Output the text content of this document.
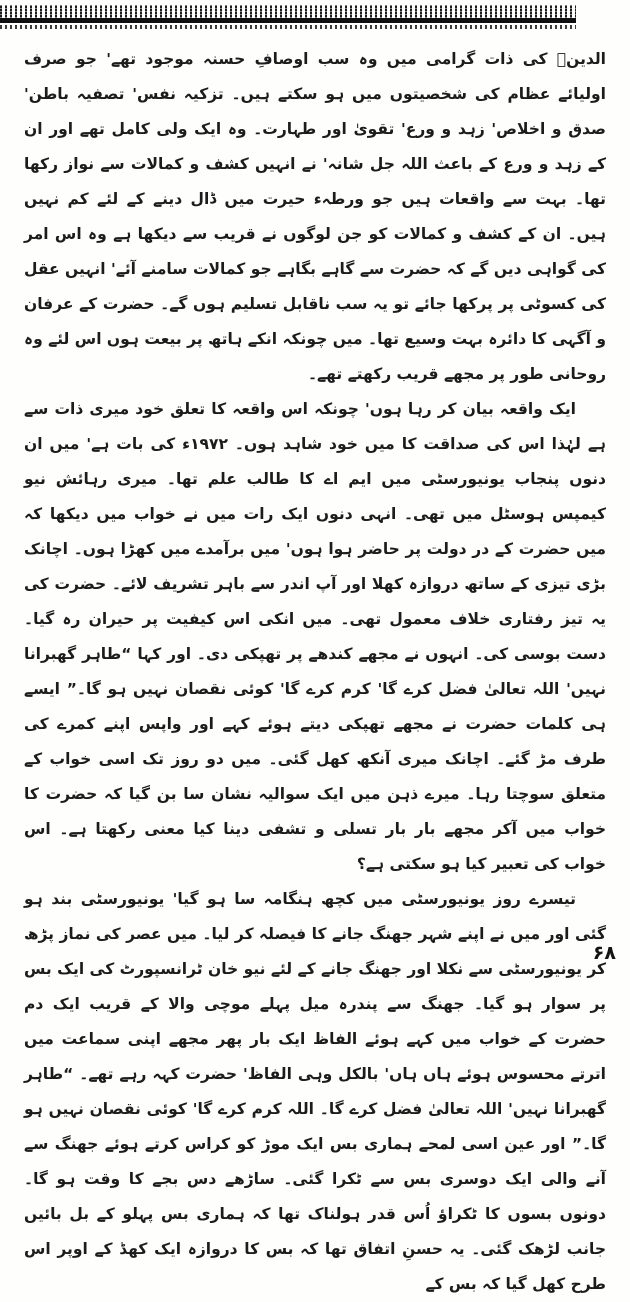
الدینؒ کی ذات گرامی میں وہ سب اوصافِ حسنہ موجود تھے' جو صرف اولیائے عظام کی شخصیتوں میں ہو سکتے ہیں۔ تزکیہ نفس' تصفیہ باطن' صدق و اخلاص' زہد و ورع' تقویٰ اور طہارت۔ وہ ایک ولی کامل تھے اور ان کے زہد و ورع کے باعث اللہ جل شانہ' نے انہیں کشف و کمالات سے نواز رکھا تھا۔ بہت سے واقعات ہیں جو ورطہء حیرت میں ڈال دینے کے لئے کم نہیں ہیں۔ ان کے کشف و کمالات کو جن لوگوں نے قریب سے دیکھا ہے وہ اس امر کی گواہی دیں گے کہ حضرت سے گاہے بگاہے جو کمالات سامنے آئے' انہیں عقل کی کسوٹی پر پرکھا جائے تو یہ سب ناقابل تسلیم ہوں گے۔ حضرت کے عرفان و آگہی کا دائرہ بہت وسیع تھا۔ میں چونکہ انکے ہاتھ پر بیعت ہوں اس لئے وہ روحانی طور پر مجھے قریب رکھتے تھے۔

ایک واقعہ بیان کر رہا ہوں' چونکہ اس واقعہ کا تعلق خود میری ذات سے ہے لہٰذا اس کی صداقت کا میں خود شاہد ہوں۔ ۱۹۷۲ء کی بات ہے' میں ان دنوں پنجاب یونیورسٹی میں ایم اے کا طالب علم تھا۔ میری رہائش نیو کیمپس ہوسٹل میں تھی۔ انہی دنوں ایک رات میں نے خواب میں دیکھا کہ میں حضرت کے در دولت پر حاضر ہوا ہوں' میں برآمدے میں کھڑا ہوں۔ اچانک بڑی تیزی کے ساتھ دروازہ کھلا اور آپ اندر سے باہر تشریف لائے۔ حضرت کی یہ تیز رفتاری خلاف معمول تھی۔ میں انکی اس کیفیت پر حیران رہ گیا۔ دست بوسی کی۔ انہوں نے مجھے کندھے پر تھپکی دی۔ اور کہا “طاہر گھبرانا نہیں' اللہ تعالیٰ فضل کرے گا' کرم کرے گا' کوئی نقصان نہیں ہو گا۔” ایسے ہی کلمات حضرت نے مجھے تھپکی دیتے ہوئے کہے اور واپس اپنے کمرے کی طرف مڑ گئے۔ اچانک میری آنکھ کھل گئی۔ میں دو روز تک اسی خواب کے متعلق سوچتا رہا۔ میرے ذہن میں ایک سوالیہ نشان سا بن گیا کہ حضرت کا خواب میں آکر مجھے بار بار تسلی و تشفی دینا کیا معنی رکھتا ہے۔ اس خواب کی تعبیر کیا ہو سکتی ہے؟

تیسرے روز یونیورسٹی میں کچھ ہنگامہ سا ہو گیا' یونیورسٹی بند ہو گئی اور میں نے اپنے شہر جھنگ جانے کا فیصلہ کر لیا۔ میں عصر کی نماز پڑھ کر یونیورسٹی سے نکلا اور جھنگ جانے کے لئے نیو خان ٹرانسپورٹ کی ایک بس پر سوار ہو گیا۔ جھنگ سے پندرہ میل پہلے موچی والا کے قریب ایک دم حضرت کے خواب میں کہے ہوئے الفاظ ایک بار پھر مجھے اپنی سماعت میں اترتے محسوس ہوئے ہاں ہاں' بالکل وہی الفاظ' حضرت کہہ رہے تھے۔ “طاہر گھبرانا نہیں' اللہ تعالیٰ فضل کرے گا۔ اللہ کرم کرے گا' کوئی نقصان نہیں ہو گا۔” اور عین اسی لمحے ہماری بس ایک موڑ کو کراس کرتے ہوئے جھنگ سے آنے والی ایک دوسری بس سے ٹکرا گئی۔ ساڑھے دس بجے کا وقت ہو گا۔ دونوں بسوں کا ٹکراؤ اُس قدر ہولناک تھا کہ ہماری بس پہلو کے بل بائیں جانب لڑھک گئی۔ یہ حسنِ اتفاق تھا کہ بس کا دروازہ ایک کھڈ کے اوپر اس طرح کھل گیا کہ بس کے

۶۸
